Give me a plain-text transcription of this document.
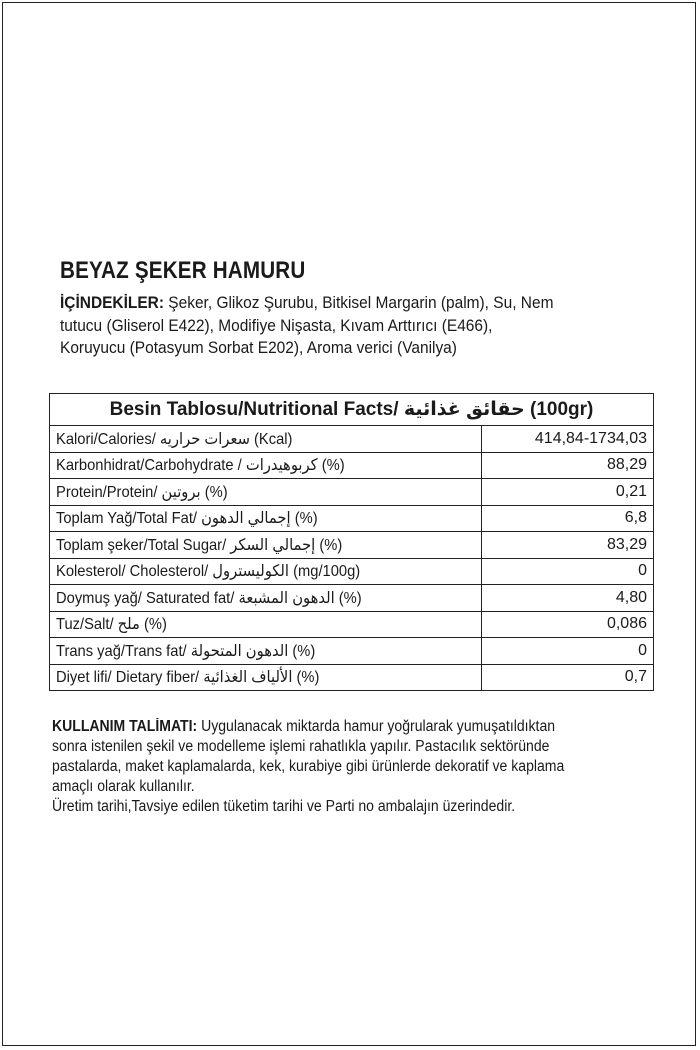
BEYAZ ŞEKER HAMURU
İÇİNDEKİLER: Şeker, Glikoz Şurubu, Bitkisel Margarin (palm), Su, Nem
tutucu (Gliserol E422), Modifiye Nişasta, Kıvam Arttırıcı (E466),
Koruyucu (Potasyum Sorbat E202), Aroma verici (Vanilya)
Besin Tablosu/Nutritional Facts/ حقائق غذائية (100gr)	
Kalori/Calories/ سعرات حراريه (Kcal)	414,84-1734,03
Karbonhidrat/Carbohydrate / كربوهيدرات (%)	88,29
Protein/Protein/ بروتين (%)	0,21
Toplam Yağ/Total Fat/ إجمالي الدهون (%)	6,8
Toplam şeker/Total Sugar/ إجمالي السكر (%)	83,29
Kolesterol/ Cholesterol/ الكوليسترول (mg/100g)	0
Doymuş yağ/ Saturated fat/ الدهون المشبعة (%)	4,80
Tuz/Salt/ ملح (%)	0,086
Trans yağ/Trans fat/ الدهون المتحولة (%)	0
Diyet lifi/ Dietary fiber/ الألياف الغذائية (%)	0,7
KULLANIM TALİMATI: Uygulanacak miktarda hamur yoğrularak yumuşatıldıktan
sonra istenilen şekil ve modelleme işlemi rahatlıkla yapılır. Pastacılık sektöründe
pastalarda, maket kaplamalarda, kek, kurabiye gibi ürünlerde dekoratif ve kaplama
amaçlı olarak kullanılır.
Üretim tarihi,Tavsiye edilen tüketim tarihi ve Parti no ambalajın üzerindedir.
